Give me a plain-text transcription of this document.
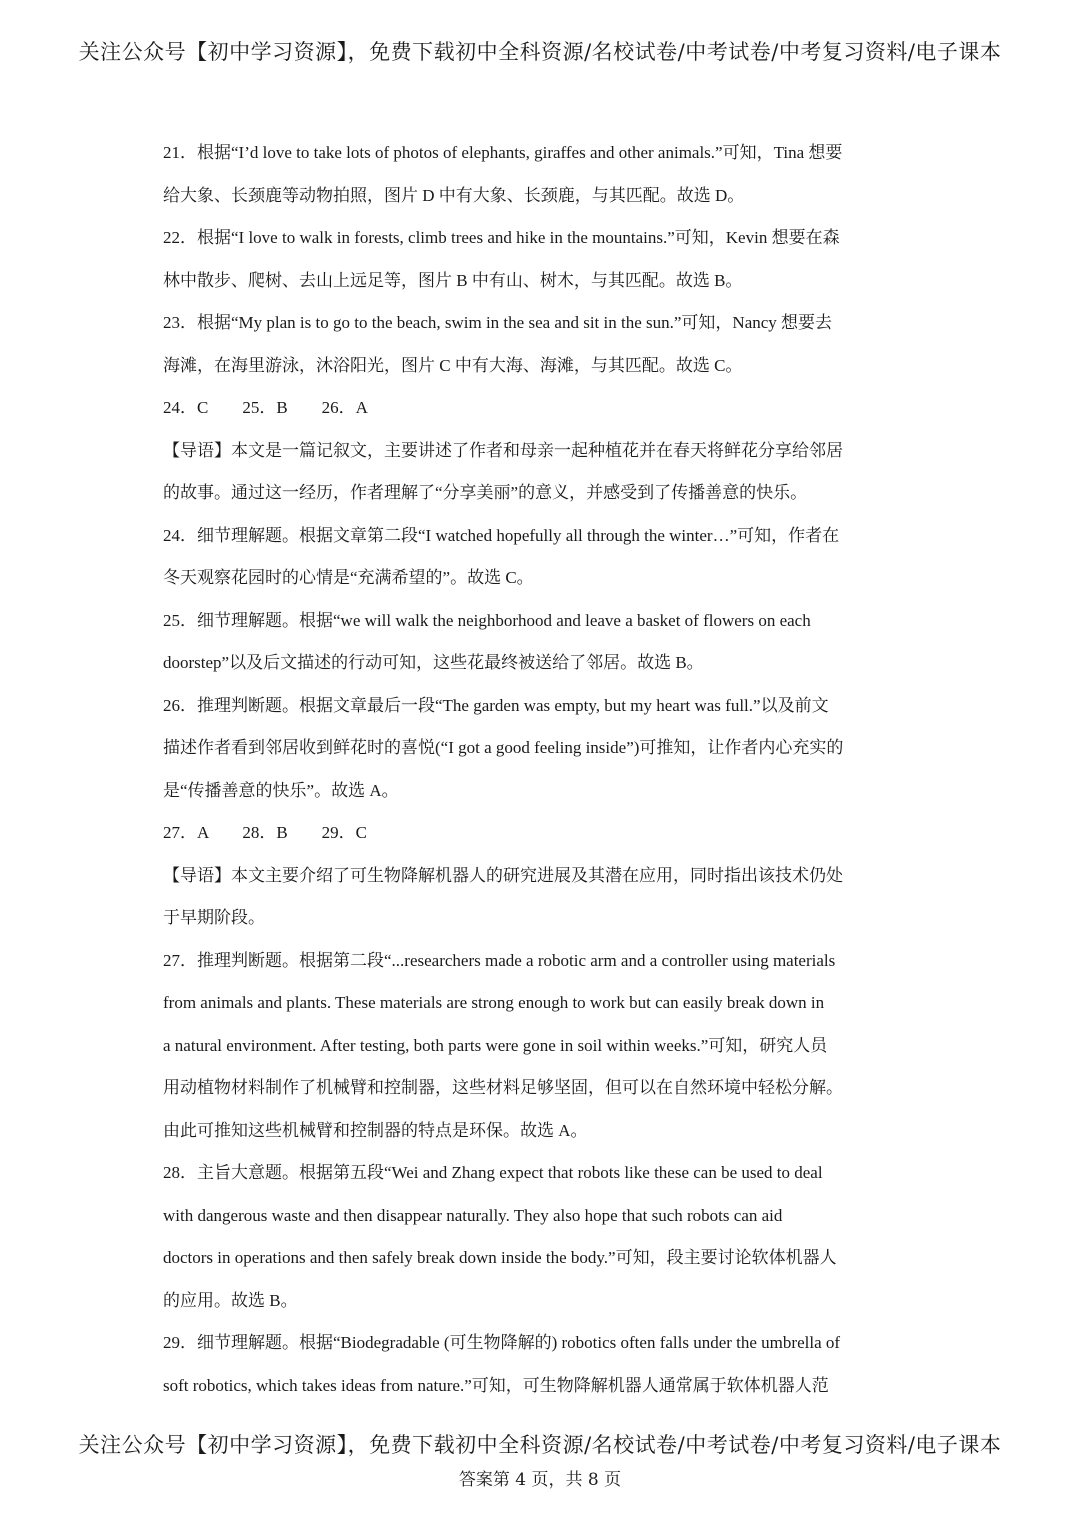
关注公众号【初中学习资源】，免费下载初中全科资源/名校试卷/中考试卷/中考复习资料/电子课本
21．根据“I’d love to take lots of photos of elephants, giraffes and other animals.”可知，Tina 想要
给大象、长颈鹿等动物拍照，图片 D 中有大象、长颈鹿，与其匹配。故选 D。
22．根据“I love to walk in forests, climb trees and hike in the mountains.”可知，Kevin 想要在森
林中散步、爬树、去山上远足等，图片 B 中有山、树木，与其匹配。故选 B。
23．根据“My plan is to go to the beach, swim in the sea and sit in the sun.”可知，Nancy 想要去
海滩，在海里游泳，沐浴阳光，图片 C 中有大海、海滩，与其匹配。故选 C。
24．C　　25．B　　26．A
【导语】本文是一篇记叙文，主要讲述了作者和母亲一起种植花并在春天将鲜花分享给邻居
的故事。通过这一经历，作者理解了“分享美丽”的意义，并感受到了传播善意的快乐。
24．细节理解题。根据文章第二段“I watched hopefully all through the winter…”可知，作者在
冬天观察花园时的心情是“充满希望的”。故选 C。
25．细节理解题。根据“we will walk the neighborhood and leave a basket of flowers on each
doorstep”以及后文描述的行动可知，这些花最终被送给了邻居。故选 B。
26．推理判断题。根据文章最后一段“The garden was empty, but my heart was full.”以及前文
描述作者看到邻居收到鲜花时的喜悦(“I got a good feeling inside”)可推知，让作者内心充实的
是“传播善意的快乐”。故选 A。
27．A　　28．B　　29．C
【导语】本文主要介绍了可生物降解机器人的研究进展及其潜在应用，同时指出该技术仍处
于早期阶段。
27．推理判断题。根据第二段“...researchers made a robotic arm and a controller using materials
from animals and plants. These materials are strong enough to work but can easily break down in
a natural environment. After testing, both parts were gone in soil within weeks.”可知，研究人员
用动植物材料制作了机械臂和控制器，这些材料足够坚固，但可以在自然环境中轻松分解。
由此可推知这些机械臂和控制器的特点是环保。故选 A。
28．主旨大意题。根据第五段“Wei and Zhang expect that robots like these can be used to deal
with dangerous waste and then disappear naturally. They also hope that such robots can aid
doctors in operations and then safely break down inside the body.”可知，段主要讨论软体机器人
的应用。故选 B。
29．细节理解题。根据“Biodegradable (可生物降解的) robotics often falls under the umbrella of
soft robotics, which takes ideas from nature.”可知，可生物降解机器人通常属于软体机器人范
关注公众号【初中学习资源】，免费下载初中全科资源/名校试卷/中考试卷/中考复习资料/电子课本
答案第 4 页，共 8 页
